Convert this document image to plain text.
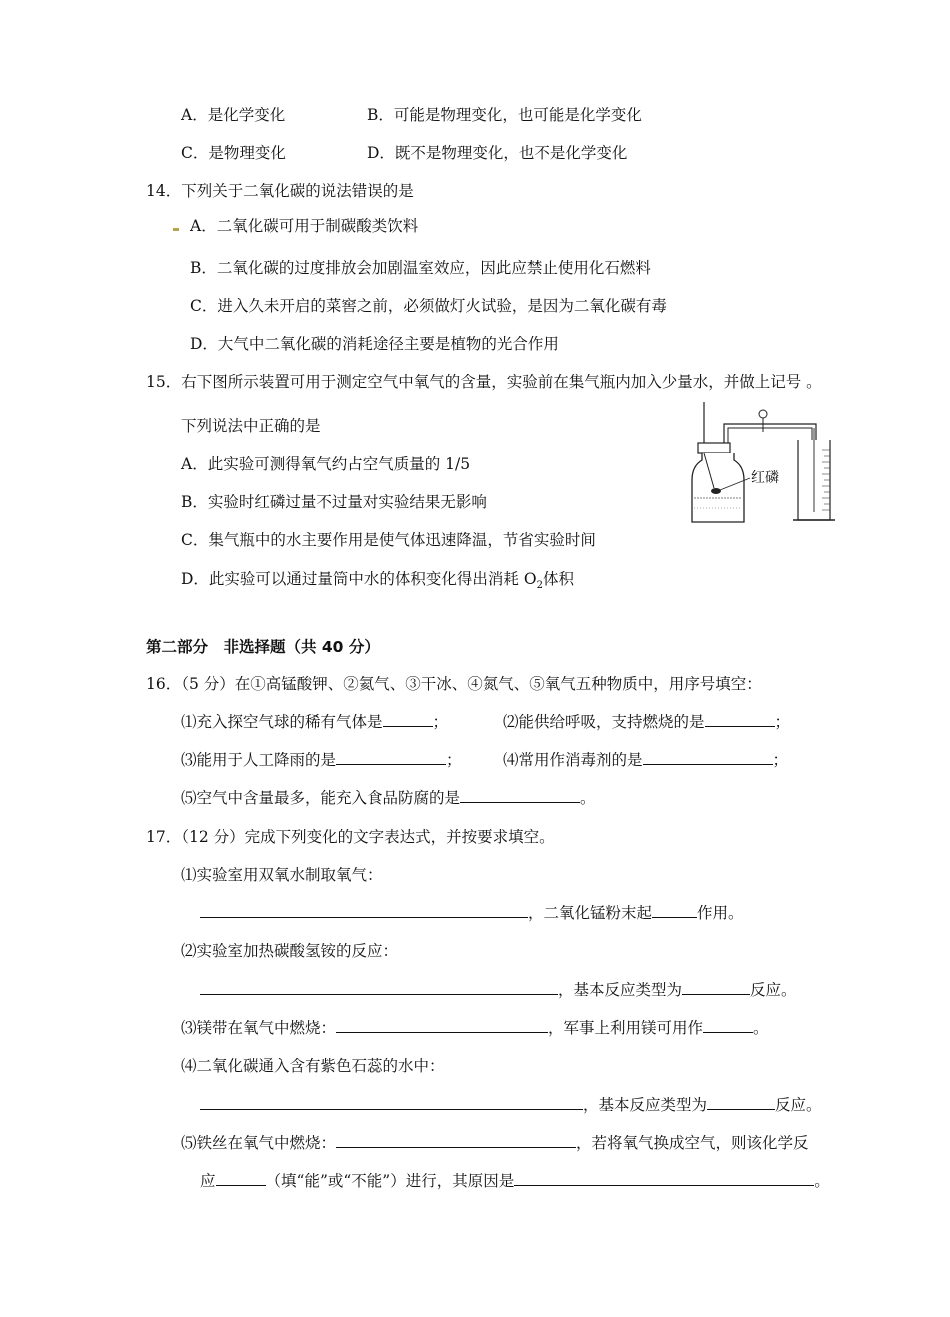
A．是化学变化	B．可能是物理变化，也可能是化学变化
C．是物理变化	D．既不是物理变化，也不是化学变化
14．下列关于二氧化碳的说法错误的是
A．二氧化碳可用于制碳酸类饮料
B．二氧化碳的过度排放会加剧温室效应，因此应禁止使用化石燃料
C．进入久未开启的菜窖之前，必须做灯火试验，是因为二氧化碳有毒
D．大气中二氧化碳的消耗途径主要是植物的光合作用
15．右下图所示装置可用于测定空气中氧气的含量，实验前在集气瓶内加入少量水，并做上记号 。
下列说法中正确的是
A．此实验可测得氧气约占空气质量的 1/5
B．实验时红磷过量不过量对实验结果无影响
C．集气瓶中的水主要作用是使气体迅速降温，节省实验时间
D．此实验可以通过量筒中水的体积变化得出消耗 $O_2$体积
红磷
第二部分　非选择题（共 40 分）
16．（5 分）在①高锰酸钾、②氦气、③干冰、④氮气、⑤氧气五种物质中，用序号填空：
⑴充入探空气球的稀有气体是	；	⑵能供给呼吸，支持燃烧的是	；
⑶能用于人工降雨的是	；	⑷常用作消毒剂的是	；
⑸空气中含量最多，能充入食品防腐的是	。
17．（12 分）完成下列变化的文字表达式，并按要求填空。
⑴实验室用双氧水制取氧气：
，二氧化锰粉末起	作用。
⑵实验室加热碳酸氢铵的反应：
，基本反应类型为	反应。
⑶镁带在氧气中燃烧：	，军事上利用镁可用作	。
⑷二氧化碳通入含有紫色石蕊的水中：
，基本反应类型为	反应。
⑸铁丝在氧气中燃烧：	，若将氧气换成空气，则该化学反
应	（填“能”或“不能”）进行，其原因是	。
